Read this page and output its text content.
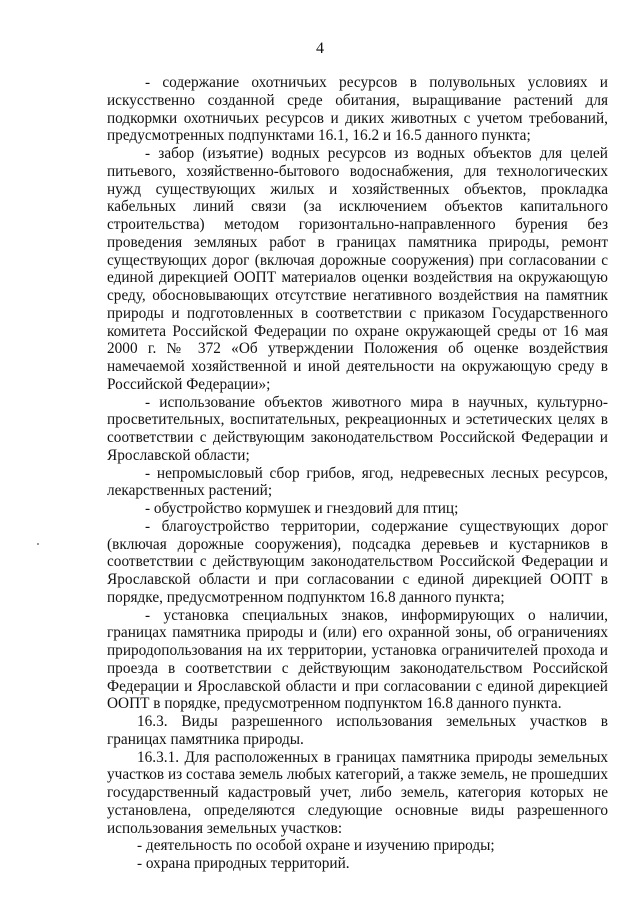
4

- содержание охотничьих ресурсов в полувольных условиях и искусственно созданной среде обитания, выращивание растений для подкормки охотничьих ресурсов и диких животных с учетом требований, предусмотренных подпунктами 16.1, 16.2 и 16.5 данного пункта;

- забор (изъятие) водных ресурсов из водных объектов для целей питьевого, хозяйственно-бытового водоснабжения, для технологических нужд существующих жилых и хозяйственных объектов, прокладка кабельных линий связи (за исключением объектов капитального строительства) методом горизонтально-направленного бурения без проведения земляных работ в границах памятника природы, ремонт существующих дорог (включая дорожные сооружения) при согласовании с единой дирекцией ООПТ материалов оценки воздействия на окружающую среду, обосновывающих отсутствие негативного воздействия на памятник природы и подготовленных в соответствии с приказом Государственного комитета Российской Федерации по охране окружающей среды от 16 мая 2000 г. № 372 «Об утверждении Положения об оценке воздействия намечаемой хозяйственной и иной деятельности на окружающую среду в Российской Федерации»;

- использование объектов животного мира в научных, культурно-просветительных, воспитательных, рекреационных и эстетических целях в соответствии с действующим законодательством Российской Федерации и Ярославской области;

- непромысловый сбор грибов, ягод, недревесных лесных ресурсов, лекарственных растений;

- обустройство кормушек и гнездовий для птиц;

- благоустройство территории, содержание существующих дорог (включая дорожные сооружения), подсадка деревьев и кустарников в соответствии с действующим законодательством Российской Федерации и Ярославской области и при согласовании с единой дирекцией ООПТ в порядке, предусмотренном подпунктом 16.8 данного пункта;

- установка специальных знаков, информирующих о наличии, границах памятника природы и (или) его охранной зоны, об ограничениях природопользования на их территории, установка ограничителей прохода и проезда в соответствии с действующим законодательством Российской Федерации и Ярославской области и при согласовании с единой дирекцией ООПТ в порядке, предусмотренном подпунктом 16.8 данного пункта.

16.3. Виды разрешенного использования земельных участков в границах памятника природы.

16.3.1. Для расположенных в границах памятника природы земельных участков из состава земель любых категорий, а также земель, не прошедших государственный кадастровый учет, либо земель, категория которых не установлена, определяются следующие основные виды разрешенного использования земельных участков:

- деятельность по особой охране и изучению природы;

- охрана природных территорий.
